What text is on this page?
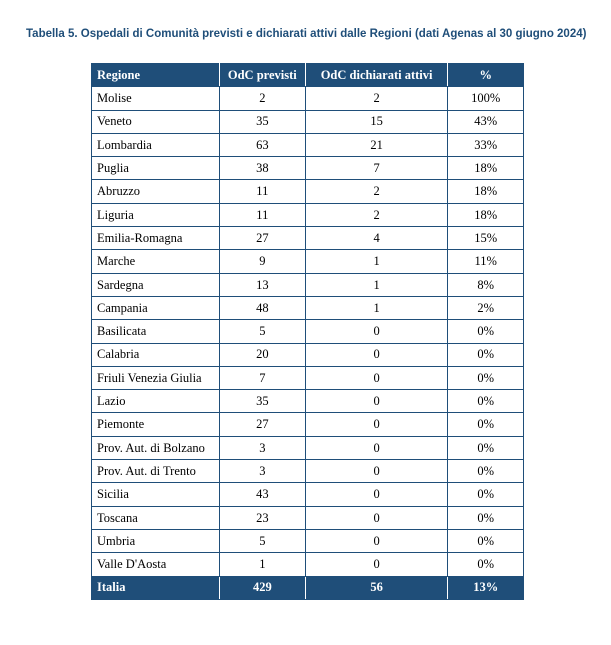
Tabella 5. Ospedali di Comunità previsti e dichiarati attivi dalle Regioni (dati Agenas al 30 giugno 2024)
Regione	OdC previsti	OdC dichiarati attivi	%
Molise	2	2	100%
Veneto	35	15	43%
Lombardia	63	21	33%
Puglia	38	7	18%
Abruzzo	11	2	18%
Liguria	11	2	18%
Emilia-Romagna	27	4	15%
Marche	9	1	11%
Sardegna	13	1	8%
Campania	48	1	2%
Basilicata	5	0	0%
Calabria	20	0	0%
Friuli Venezia Giulia	7	0	0%
Lazio	35	0	0%
Piemonte	27	0	0%
Prov. Aut. di Bolzano	3	0	0%
Prov. Aut. di Trento	3	0	0%
Sicilia	43	0	0%
Toscana	23	0	0%
Umbria	5	0	0%
Valle D'Aosta	1	0	0%
Italia	429	56	13%
